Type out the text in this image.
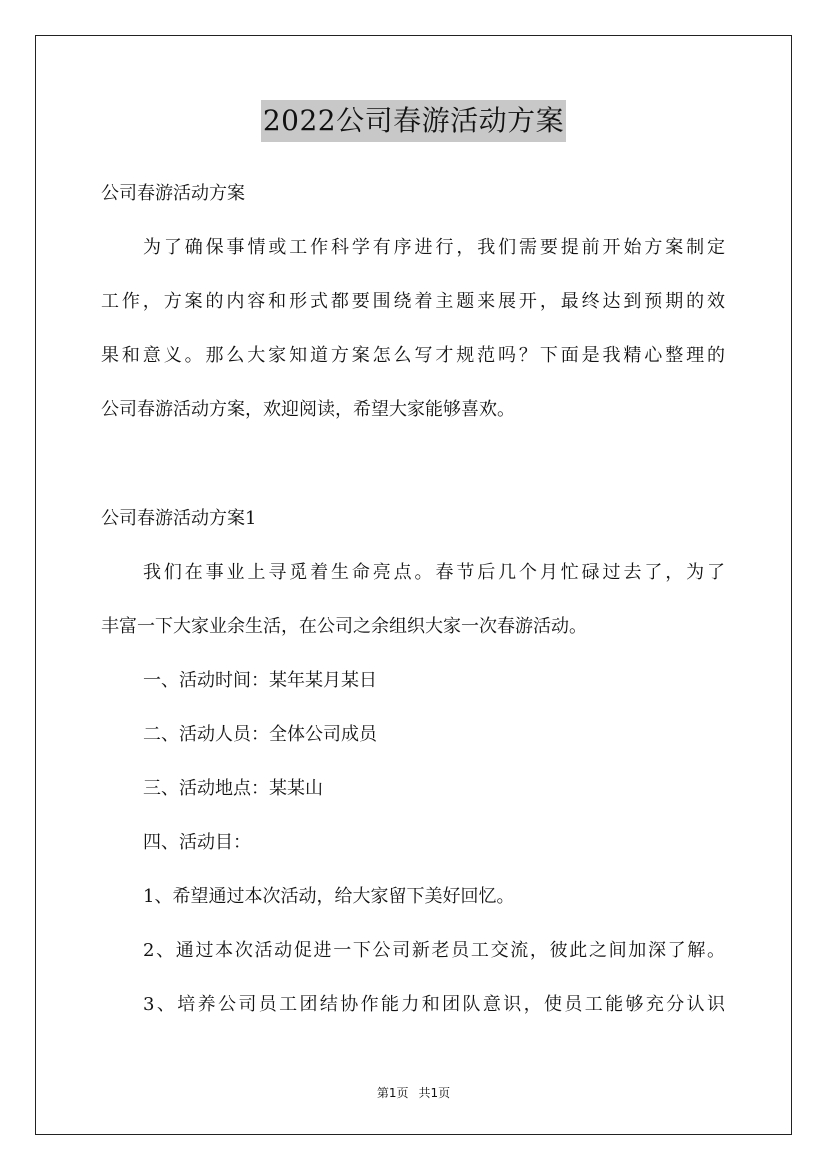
2022公司春游活动方案
公司春游活动方案
为了确保事情或工作科学有序进行，我们需要提前开始方案制定
工作，方案的内容和形式都要围绕着主题来展开，最终达到预期的效
果和意义。那么大家知道方案怎么写才规范吗？下面是我精心整理的
公司春游活动方案，欢迎阅读，希望大家能够喜欢。
公司春游活动方案1
我们在事业上寻觅着生命亮点。春节后几个月忙碌过去了，为了
丰富一下大家业余生活，在公司之余组织大家一次春游活动。
一、活动时间：某年某月某日
二、活动人员：全体公司成员
三、活动地点：某某山
四、活动目：
1、希望通过本次活动，给大家留下美好回忆。
2、通过本次活动促进一下公司新老员工交流，彼此之间加深了解。
3、培养公司员工团结协作能力和团队意识，使员工能够充分认识
第1页 共1页
